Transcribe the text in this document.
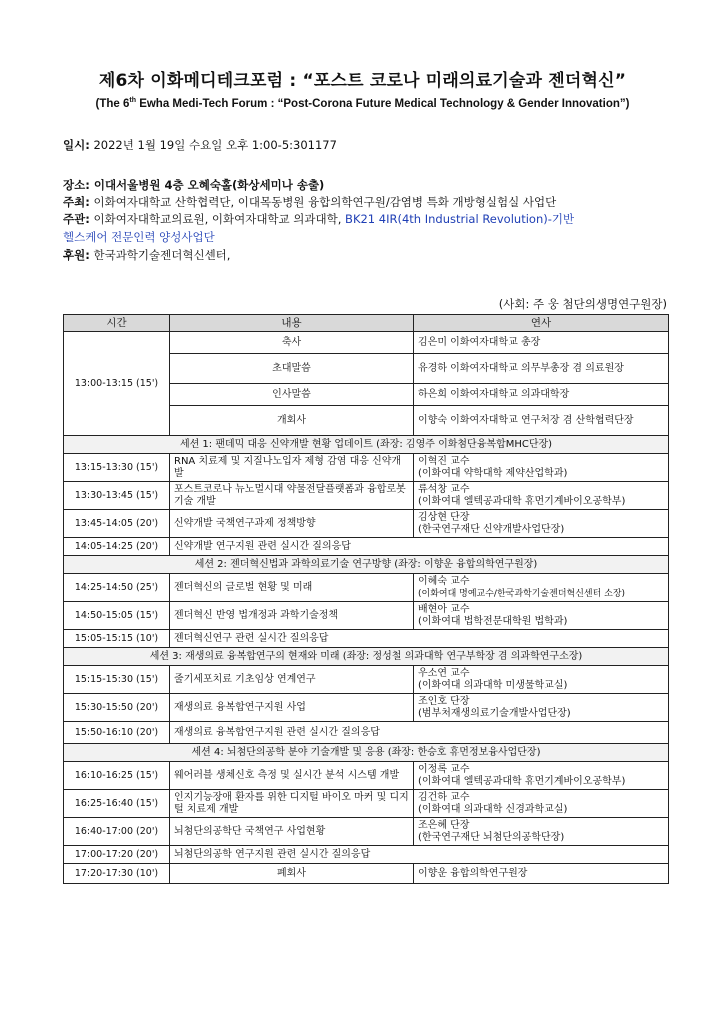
제6차 이화메디테크포럼 : “포스트 코로나 미래의료기술과 젠더혁신”
(The 6th Ewha Medi-Tech Forum : “Post-Corona Future Medical Technology & Gender Innovation”)
일시: 2022년 1월 19일 수요일 오후 1:00-5:301177
장소: 이대서울병원 4층 오혜숙홀(화상세미나 송출)
주최: 이화여자대학교 산학협력단, 이대목동병원 융합의학연구원/감염병 특화 개방형실험실 사업단
주관: 이화여자대학교의료원, 이화여자대학교 의과대학, BK21 4IR(4th Industrial Revolution)-기반
헬스케어 전문인력 양성사업단
후원: 한국과학기술젠더혁신센터,
(사회: 주 웅 첨단의생명연구원장)
시간	내용	연사
13:00-13:15 (15')	축사	김은미 이화여자대학교 총장
	초대말씀	유경하 이화여자대학교 의무부총장 겸 의료원장
	인사말씀	하은희 이화여자대학교 의과대학장
	개회사	이향숙 이화여자대학교 연구처장 겸 산학협력단장
세션 1: 팬데믹 대응 신약개발 현황 업데이트 (좌장: 김영주 이화첨단융복합MHC단장)		
13:15-13:30 (15')	RNA 치료제 및 지질나노입자 제형 감염 대응 신약개발	이혁진 교수
(이화여대 약학대학 제약산업학과)

13:30-13:45 (15')	포스트코로나 뉴노멀시대 약물전달플랫폼과 융합로봇기술 개발	류석창 교수
(이화여대 엘텍공과대학 휴먼기계바이오공학부)

13:45-14:05 (20')	신약개발 국책연구과제 정책방향	김상현 단장
(한국연구재단 신약개발사업단장)

14:05-14:25 (20')	신약개발 연구지원 관련 실시간 질의응답	
세션 2: 젠더혁신법과 과학의료기술 연구방향 (좌장: 이향운 융합의학연구원장)		
14:25-14:50 (25')	젠더혁신의 글로벌 현황 및 미래	이혜숙 교수
(이화여대 명예교수/한국과학기술젠더혁신센터 소장)

14:50-15:05 (15')	젠더혁신 반영 법개정과 과학기술정책	배현아 교수
(이화여대 법학전문대학원 법학과)

15:05-15:15 (10')	젠더혁신연구 관련 실시간 질의응답	
세션 3: 재생의료 융복합연구의 현재와 미래 (좌장: 정성철 의과대학 연구부학장 겸 의과학연구소장)		
15:15-15:30 (15')	줄기세포치료 기초임상 연계연구	우소연 교수
(이화여대 의과대학 미생물학교실)

15:30-15:50 (20')	재생의료 융복합연구지원 사업	조인호 단장
(범부처재생의료기술개발사업단장)

15:50-16:10 (20')	재생의료 융복합연구지원 관련 실시간 질의응답	
세션 4: 뇌첨단의공학 분야 기술개발 및 응용 (좌장: 한승호 휴먼정보융사업단장)		
16:10-16:25 (15')	웨어러블 생체신호 측정 및 실시간 분석 시스템 개발	이정록 교수
(이화여대 엘텍공과대학 휴먼기계바이오공학부)

16:25-16:40 (15')	인지기능장애 환자를 위한 디지털 바이오 마커 및 디지털 치료제 개발	김건하 교수
(이화여대 의과대학 신경과학교실)

16:40-17:00 (20')	뇌첨단의공학단 국책연구 사업현황	조은혜 단장
(한국연구재단 뇌첨단의공학단장)

17:00-17:20 (20')	뇌첨단의공학 연구지원 관련 실시간 질의응답	
17:20-17:30 (10')	폐회사	이향운 융합의학연구원장
